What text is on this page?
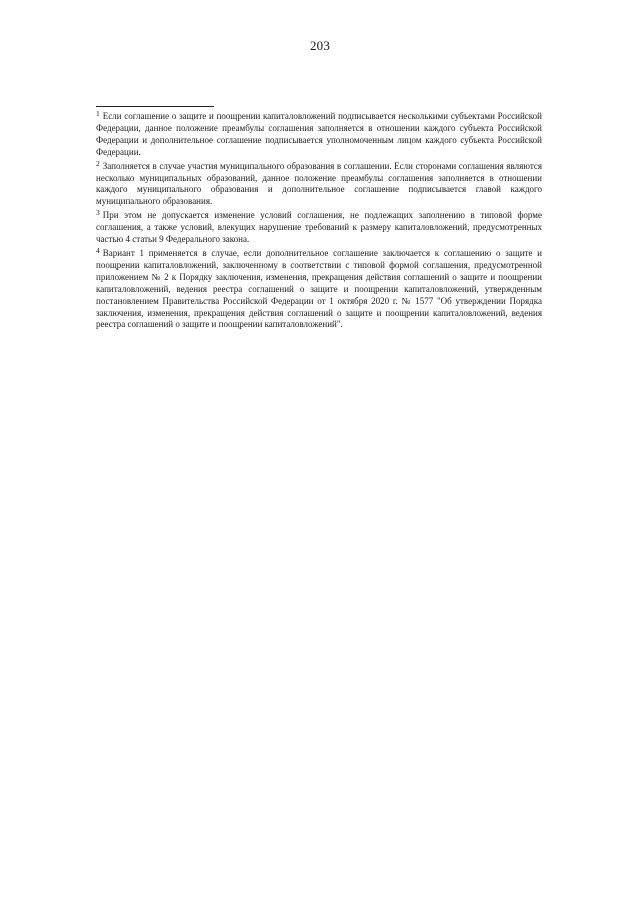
203

$^1$ Если соглашение о защите и поощрении капиталовложений подписывается несколькими субъектами Российской Федерации, данное положение преамбулы соглашения заполняется в отношении каждого субъекта Российской Федерации и дополнительное соглашение подписывается уполномоченным лицом каждого субъекта Российской Федерации.

$^2$ Заполняется в случае участия муниципального образования в соглашении. Если сторонами соглашения являются несколько муниципальных образований, данное положение преамбулы соглашения заполняется в отношении каждого муниципального образования и дополнительное соглашение подписывается главой каждого муниципального образования.

$^3$ При этом не допускается изменение условий соглашения, не подлежащих заполнению в типовой форме соглашения, а также условий, влекущих нарушение требований к размеру капиталовложений, предусмотренных частью 4 статьи 9 Федерального закона.

$^4$ Вариант 1 применяется в случае, если дополнительное соглашение заключается к соглашению о защите и поощрении капиталовложений, заключенному в соответствии с типовой формой соглашения, предусмотренной приложением № 2 к Порядку заключения, изменения, прекращения действия соглашений о защите и поощрении капиталовложений, ведения реестра соглашений о защите и поощрении капиталовложений, утвержденным постановлением Правительства Российской Федерации от 1 октября 2020 г. № 1577 "Об утверждении Порядка заключения, изменения, прекращения действия соглашений о защите и поощрении капиталовложений, ведения реестра соглашений о защите и поощрении капиталовложений".
